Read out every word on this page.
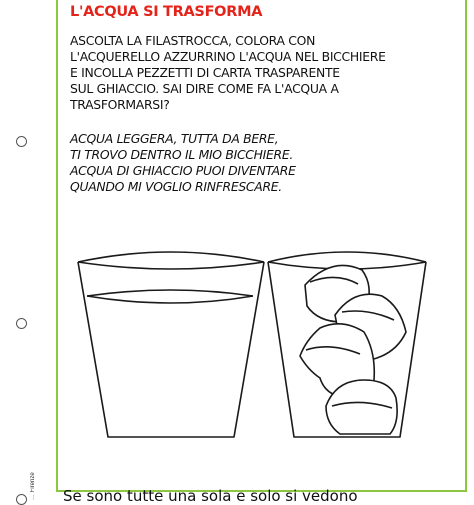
… Firenze
L'ACQUA SI TRASFORMA
ASCOLTA LA FILASTROCCA, COLORA CON
L'ACQUERELLO AZZURRINO L'ACQUA NEL BICCHIERE
E INCOLLA PEZZETTI DI CARTA TRASPARENTE
SUL GHIACCIO. SAI DIRE COME FA L'ACQUA A
TRASFORMARSI?
ACQUA LEGGERA, TUTTA DA BERE,
TI TROVO DENTRO IL MIO BICCHIERE.
ACQUA DI GHIACCIO PUOI DIVENTARE
QUANDO MI VOGLIO RINFRESCARE.
Se sono tutte una sola e solo si vedono
